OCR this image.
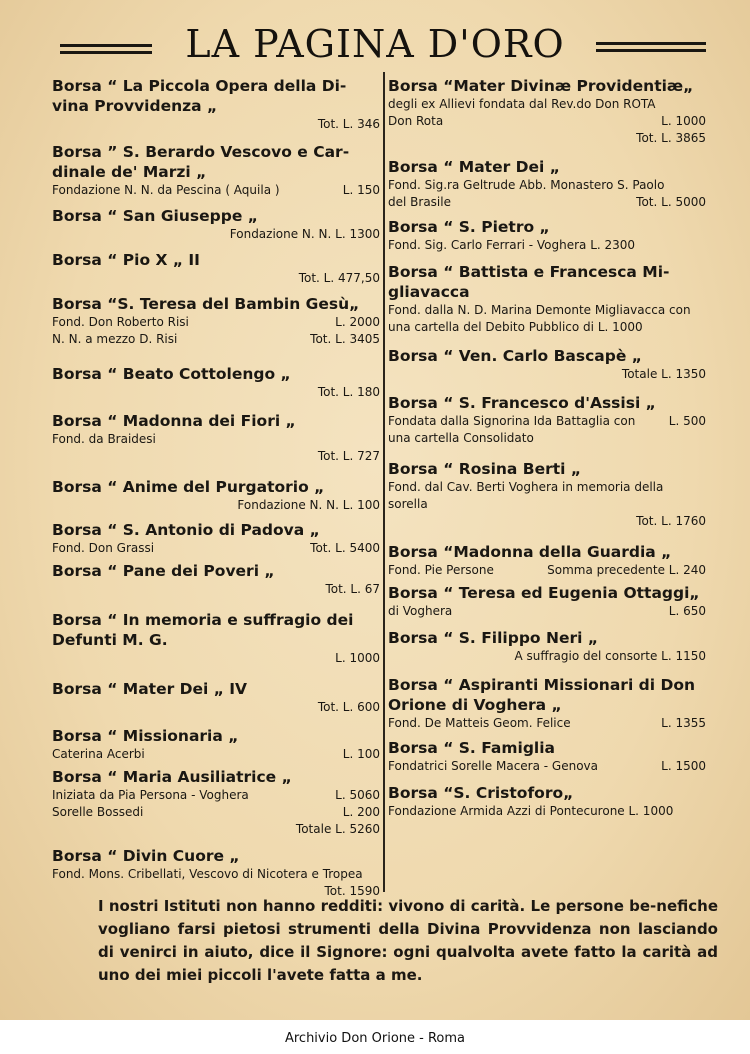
LA PAGINA D'ORO
Borsa “ La Piccola Opera della Di-vina Provvidenza „
Tot. L. 346
Borsa ” S. Berardo Vescovo e Car-dinale de' Marzi „
Fondazione N. N. da Pescina ( Aquila )	L. 150
Borsa “ San Giuseppe „
Fondazione N. N. L. 1300
Borsa “ Pio X „ II
Tot. L. 477,50
Borsa “S. Teresa del Bambin Gesù„
Fond. Don Roberto Risi	L. 2000
N. N. a mezzo D. Risi	Tot. L. 3405
Borsa “ Beato Cottolengo „
Tot. L. 180
Borsa “ Madonna dei Fiori „
Fond. da Braidesi
Tot. L. 727
Borsa “ Anime del Purgatorio „
Fondazione N. N. L. 100
Borsa “ S. Antonio di Padova „
Fond. Don Grassi	Tot. L. 5400
Borsa “ Pane dei Poveri „
Tot. L. 67
Borsa “ In memoria e suffragio dei Defunti M. G.
L. 1000
Borsa “ Mater Dei „ IV
Tot. L. 600
Borsa “ Missionaria „
Caterina Acerbi	L. 100
Borsa “ Maria Ausiliatrice „
Iniziata da Pia Persona - Voghera	L. 5060
Sorelle Bossedi	L. 200
Totale L. 5260
Borsa “ Divin Cuore „
Fond. Mons. Cribellati, Vescovo di Nicotera e Tropea
Tot. 1590
Borsa “Mater Divinæ Providentiæ„
degli ex Allievi fondata dal Rev.do Don ROTA
Don Rota	L. 1000
Tot. L. 3865
Borsa “ Mater Dei „
Fond. Sig.ra Geltrude Abb. Monastero S. Paolo
del Brasile	Tot. L. 5000
Borsa “ S. Pietro „
Fond. Sig. Carlo Ferrari - Voghera L. 2300
Borsa “ Battista e Francesca Mi-gliavacca
Fond. dalla N. D. Marina Demonte Migliavacca con una cartella del Debito Pubblico di L. 1000
Borsa “ Ven. Carlo Bascapè „
Totale L. 1350
Borsa “ S. Francesco d'Assisi „
Fondata dalla Signorina Ida Battaglia con una cartella Consolidato
L. 500
Borsa “ Rosina Berti „
Fond. dal Cav. Berti Voghera in memoria della sorella
Tot. L. 1760
Borsa “Madonna della Guardia „
Fond. Pie Persone	Somma precedente L. 240
Borsa “ Teresa ed Eugenia Ottaggi„
di Voghera	L. 650
Borsa “ S. Filippo Neri „
A suffragio del consorte L. 1150
Borsa “ Aspiranti Missionari di Don Orione di Voghera „
Fond. De Matteis Geom. Felice	L. 1355
Borsa “ S. Famiglia
Fondatrici Sorelle Macera - Genova	L. 1500
Borsa “S. Cristoforo„
Fondazione Armida Azzi di Pontecurone L. 1000
I nostri Istituti non hanno redditi: vivono di carità. Le persone be-nefiche vogliano farsi pietosi strumenti della Divina Provvidenza non lasciando di venirci in aiuto, dice il Signore: ogni qualvolta avete fatto la carità ad uno dei miei piccoli l'avete fatta a me.
Archivio Don Orione - Roma
